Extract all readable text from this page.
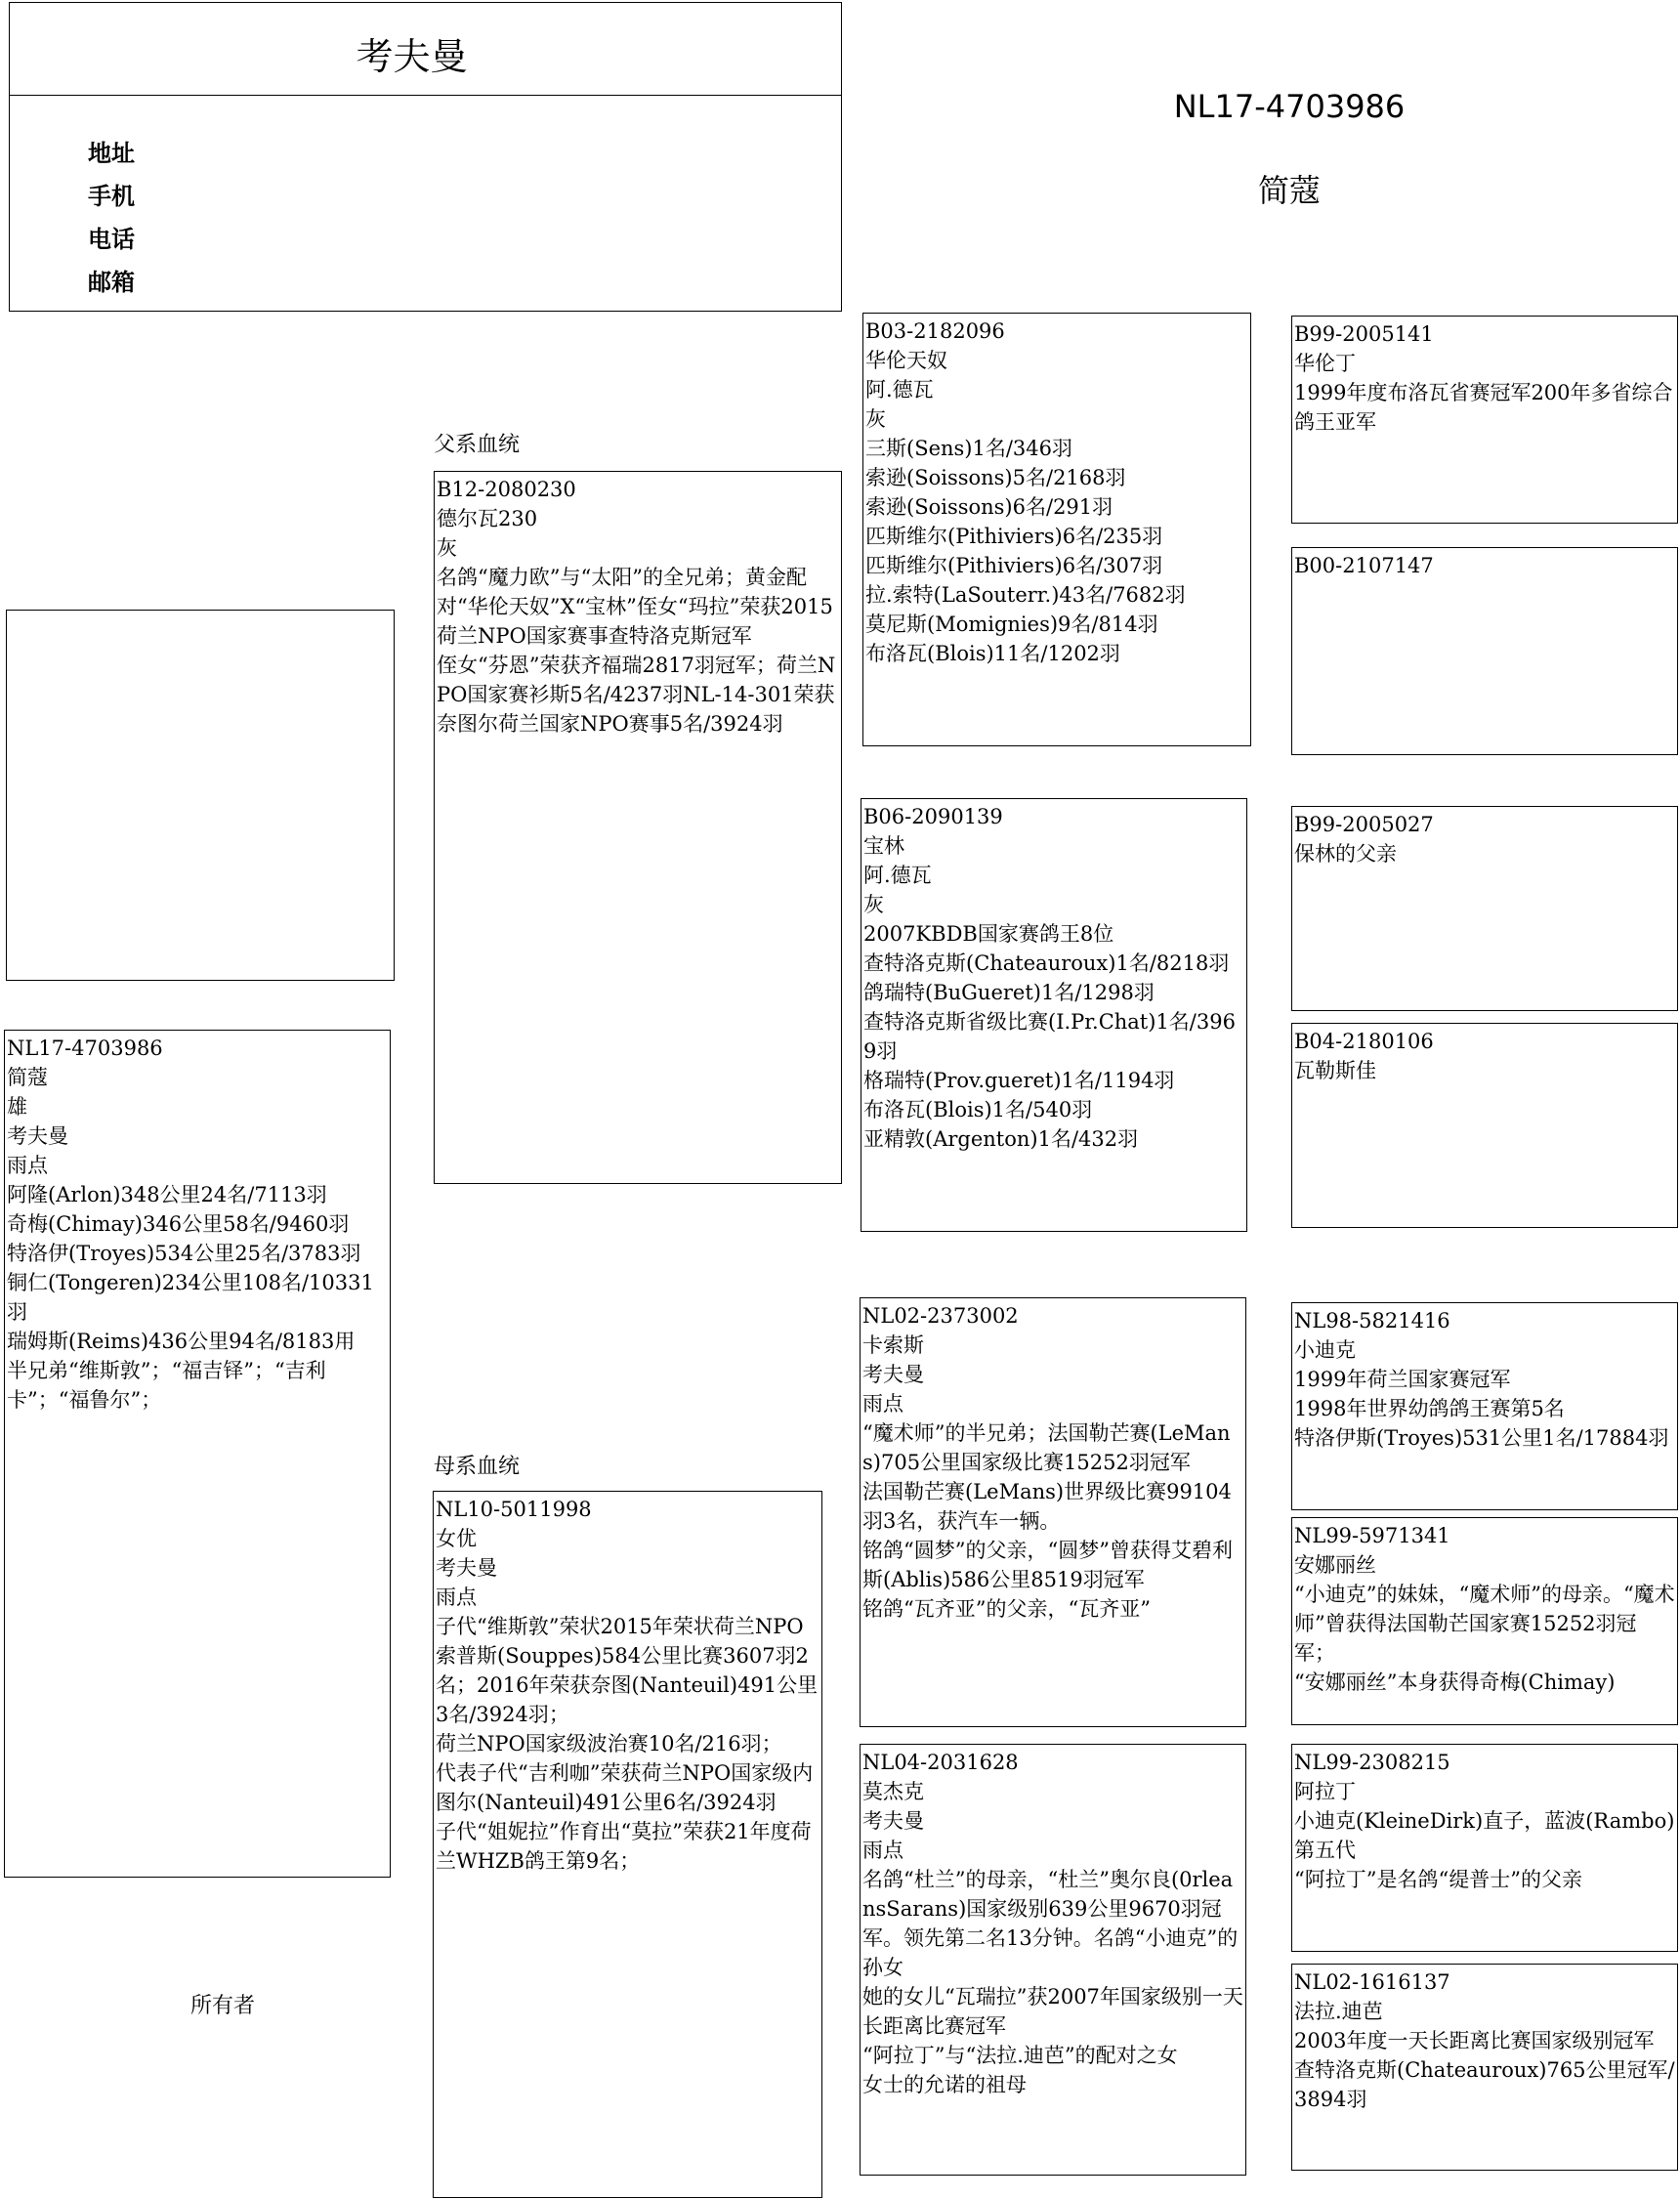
考夫曼
地址
手机
电话
邮箱
NL17-4703986
简蔻
NL17-4703986
简蔻
雄
考夫曼
雨点
阿隆(Arlon)348公里24名/7113羽
奇梅(Chimay)346公里58名/9460羽
特洛伊(Troyes)534公里25名/3783羽
铜仁(Tongeren)234公里108名/10331羽
瑞姆斯(Reims)436公里94名/8183用
半兄弟“维斯敦”；“福吉铎”；“吉利卡”；“福鲁尔”；
所有者
父系血统
B12-2080230
德尔瓦230
灰
名鸽“魔力欧”与“太阳”的全兄弟；黄金配对“华伦天奴”X“宝林”侄女“玛拉”荣获2015荷兰NPO国家赛事查特洛克斯冠军
侄女“芬恩”荣获齐福瑞2817羽冠军；荷兰NPO国家赛衫斯5名/4237羽NL-14-301荣获奈图尔荷兰国家NPO赛事5名/3924羽
母系血统
NL10-5011998
女优
考夫曼
雨点
子代“维斯敦”荣状2015年荣状荷兰NPO索普斯(Souppes)584公里比赛3607羽2名；2016年荣获奈图(Nanteuil)491公里3名/3924羽；
荷兰NPO国家级波治赛10名/216羽；
代表子代“吉利咖”荣获荷兰NPO国家级内图尔(Nanteuil)491公里6名/3924羽
子代“姐妮拉”作育出“莫拉”荣获21年度荷兰WHZB鸽王第9名；
B03-2182096
华伦天奴
阿.德瓦
灰
三斯(Sens)1名/346羽
索逊(Soissons)5名/2168羽
索逊(Soissons)6名/291羽
匹斯维尔(Pithiviers)6名/235羽
匹斯维尔(Pithiviers)6名/307羽
拉.索特(LaSouterr.)43名/7682羽
莫尼斯(Momignies)9名/814羽
布洛瓦(Blois)11名/1202羽
B06-2090139
宝林
阿.德瓦
灰
2007KBDB国家赛鸽王8位
查特洛克斯(Chateauroux)1名/8218羽
鸽瑞特(BuGueret)1名/1298羽
查特洛克斯省级比赛(I.Pr.Chat)1名/3969羽
格瑞特(Prov.gueret)1名/1194羽
布洛瓦(Blois)1名/540羽
亚精敦(Argenton)1名/432羽
NL02-2373002
卡索斯
考夫曼
雨点
“魔术师”的半兄弟；法国勒芒赛(LeMans)705公里国家级比赛15252羽冠军
法国勒芒赛(LeMans)世界级比赛99104羽3名，获汽车一辆。
铭鸽“圆梦”的父亲，“圆梦”曾获得艾碧利斯(Ablis)586公里8519羽冠军
铭鸽“瓦齐亚”的父亲，“瓦齐亚”
NL04-2031628
莫杰克
考夫曼
雨点
名鸽“杜兰”的母亲，“杜兰”奥尔良(0rleansSarans)国家级别639公里9670羽冠军。领先第二名13分钟。名鸽“小迪克”的孙女
她的女儿“瓦瑞拉”获2007年国家级别一天长距离比赛冠军
“阿拉丁”与“法拉.迪芭”的配对之女
女士的允诺的祖母
B99-2005141
华伦丁
1999年度布洛瓦省赛冠军200年多省综合鸽王亚军
B00-2107147
B99-2005027
保林的父亲
B04-2180106
瓦勒斯佳
NL98-5821416
小迪克
1999年荷兰国家赛冠军
1998年世界幼鸽鸽王赛第5名
特洛伊斯(Troyes)531公里1名/17884羽
NL99-5971341
安娜丽丝
“小迪克”的妹妹，“魔术师”的母亲。“魔术师”曾获得法国勒芒国家赛15252羽冠军；
“安娜丽丝”本身获得奇梅(Chimay)
NL99-2308215
阿拉丁
小迪克(KleineDirk)直子，蓝波(Rambo)第五代
“阿拉丁”是名鸽“缇普士”的父亲
NL02-1616137
法拉.迪芭
2003年度一天长距离比赛国家级别冠军
查特洛克斯(Chateauroux)765公里冠军/3894羽
